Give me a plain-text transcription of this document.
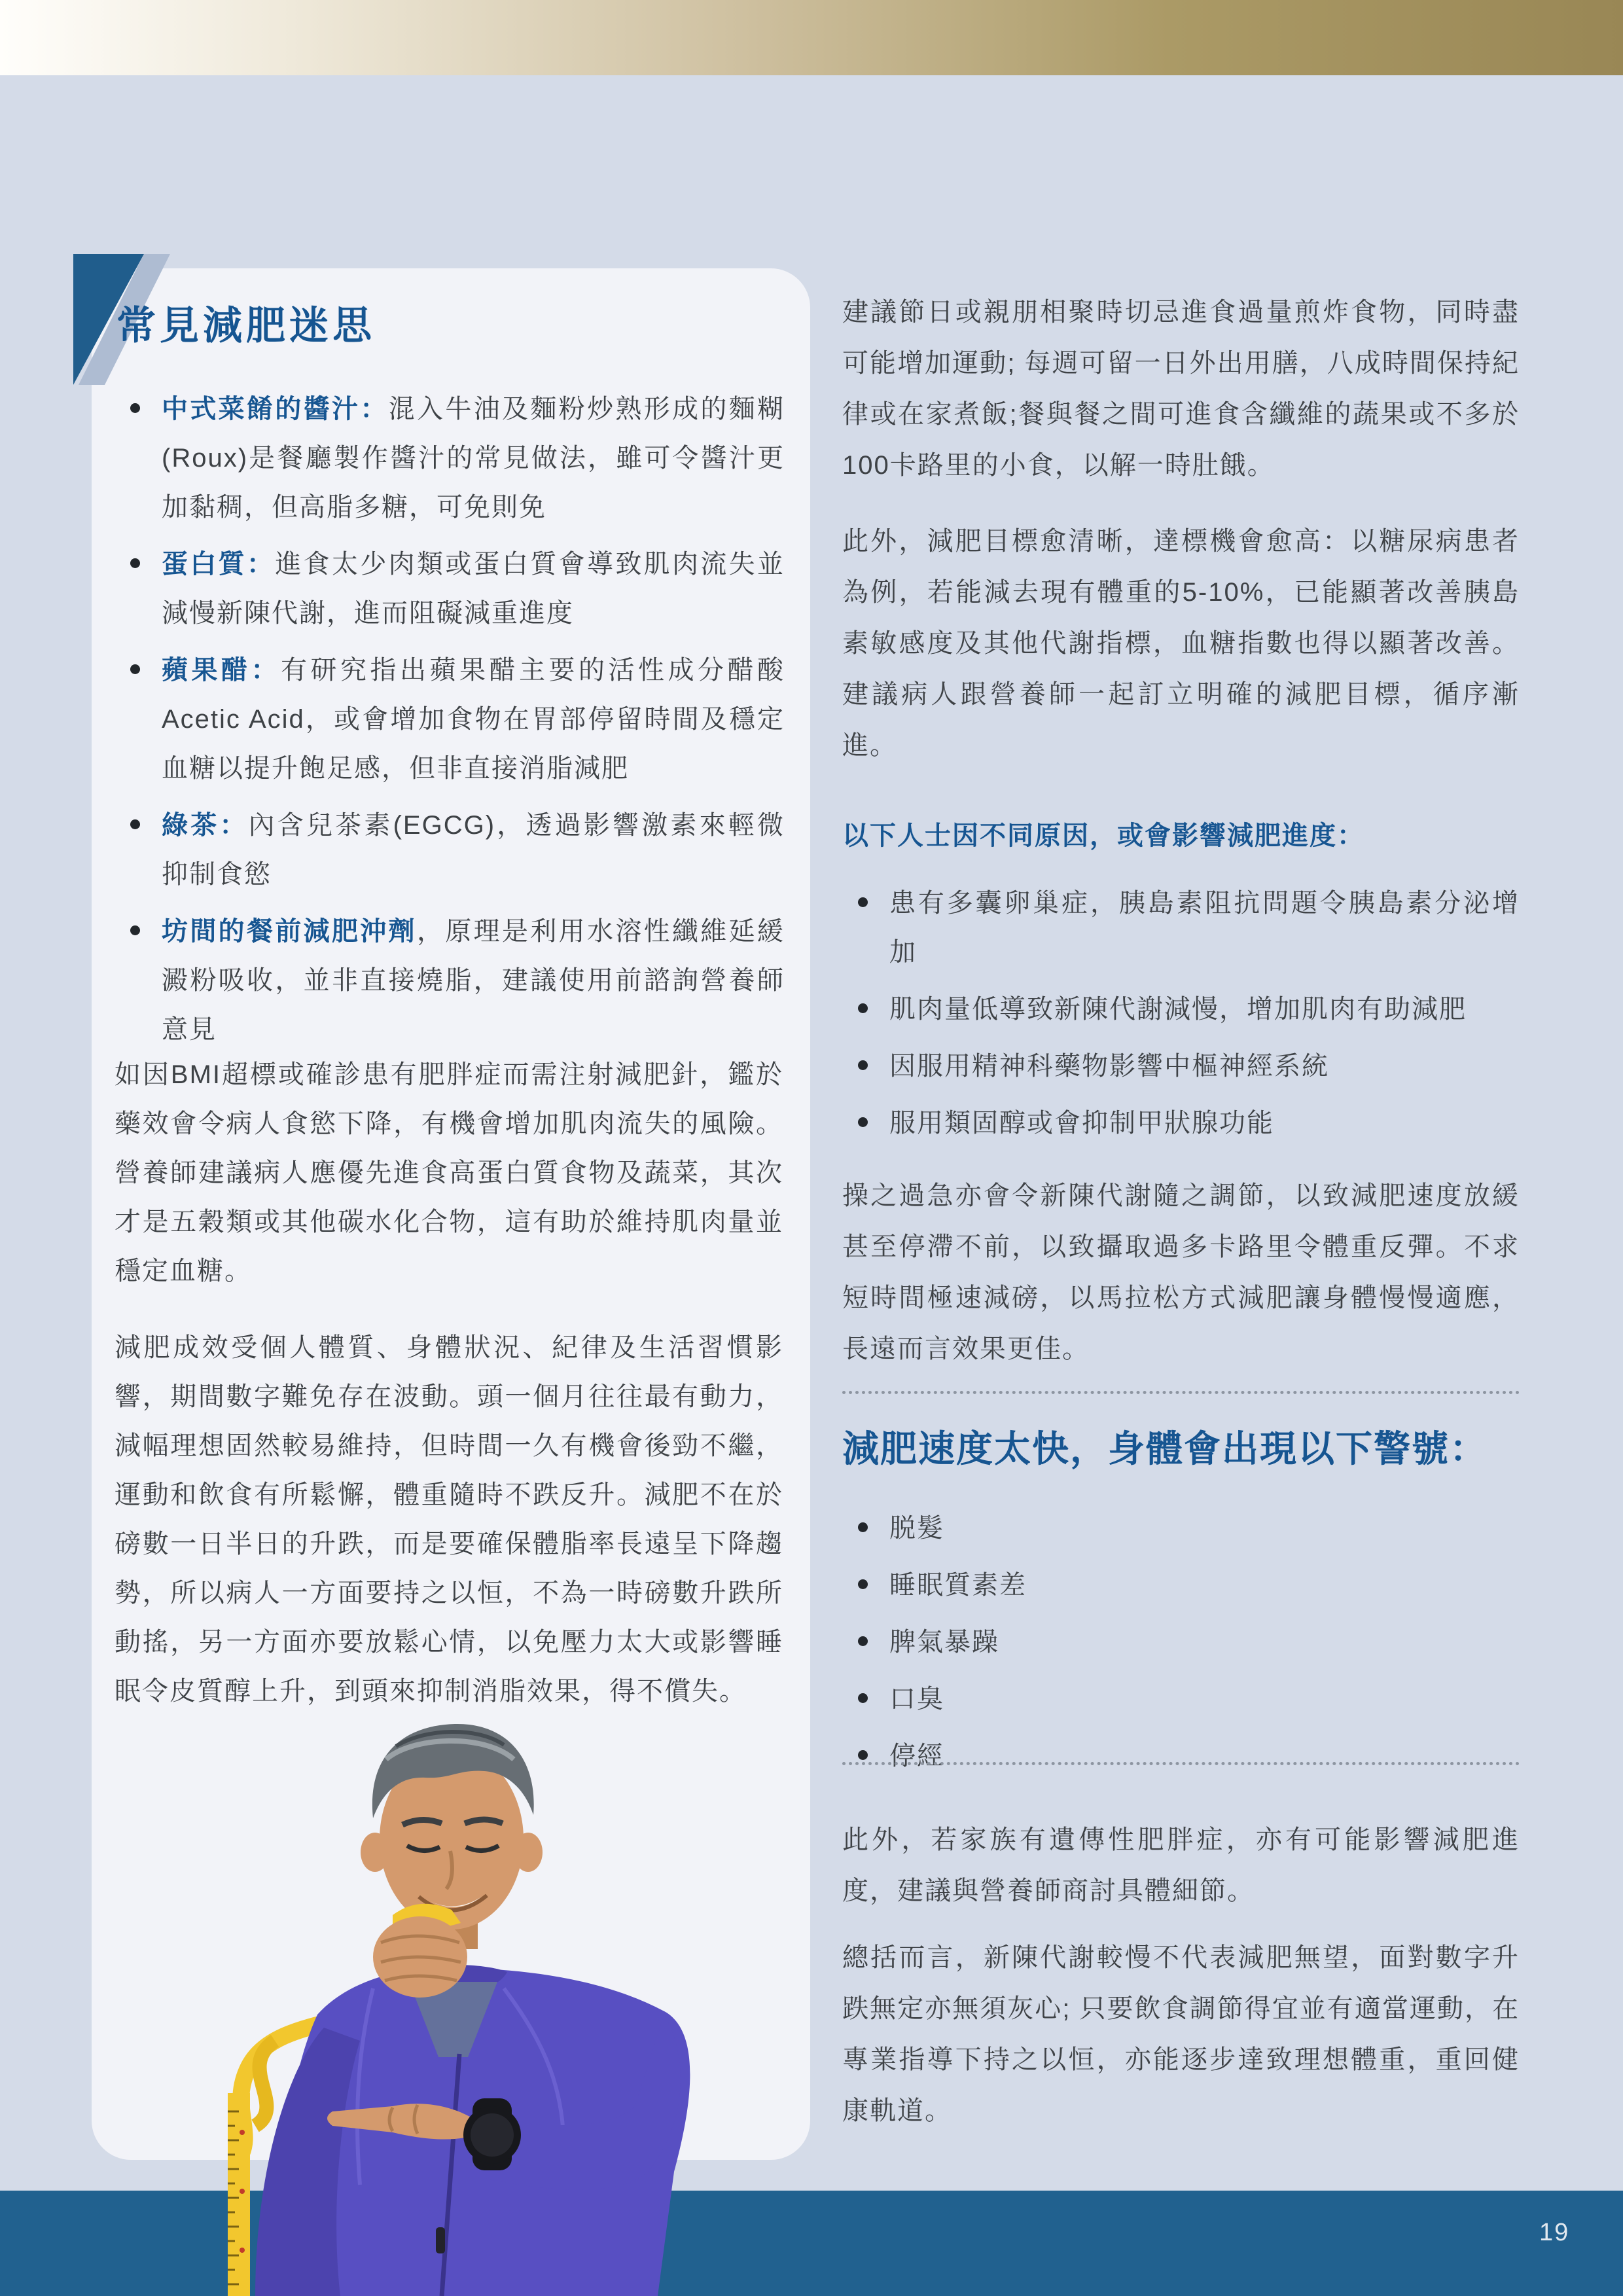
常見減肥迷思
中式菜餚的醬汁：混入牛油及麵粉炒熟形成的麵糊(Roux)是餐廳製作醬汁的常見做法，雖可令醬汁更加黏稠，但高脂多糖，可免則免
蛋白質：進食太少肉類或蛋白質會導致肌肉流失並減慢新陳代謝，進而阻礙減重進度
蘋果醋：有研究指出蘋果醋主要的活性成分醋酸 Acetic Acid，或會增加食物在胃部停留時間及穩定血糖以提升飽足感，但非直接消脂減肥
綠茶：內含兒茶素(EGCG)，透過影響激素來輕微抑制食慾
坊間的餐前減肥沖劑，原理是利用水溶性纖維延緩澱粉吸收，並非直接燒脂，建議使用前諮詢營養師意見
如因BMI超標或確診患有肥胖症而需注射減肥針，鑑於藥效會令病人食慾下降，有機會增加肌肉流失的風險。營養師建議病人應優先進食高蛋白質食物及蔬菜，其次才是五穀類或其他碳水化合物，這有助於維持肌肉量並穩定血糖。
減肥成效受個人體質、身體狀況、紀律及生活習慣影響，期間數字難免存在波動。頭一個月往往最有動力，減幅理想固然較易維持，但時間一久有機會後勁不繼，運動和飲食有所鬆懈，體重隨時不跌反升。減肥不在於磅數一日半日的升跌，而是要確保體脂率長遠呈下降趨勢，所以病人一方面要持之以恒，不為一時磅數升跌所動搖，另一方面亦要放鬆心情，以免壓力太大或影響睡眠令皮質醇上升，到頭來抑制消脂效果，得不償失。
建議節日或親朋相聚時切忌進食過量煎炸食物，同時盡可能增加運動; 每週可留一日外出用膳，八成時間保持紀律或在家煮飯;餐與餐之間可進食含纖維的蔬果或不多於100卡路里的小食，以解一時肚餓。
此外，減肥目標愈清晰，達標機會愈高：以糖尿病患者為例，若能減去現有體重的5-10%，已能顯著改善胰島素敏感度及其他代謝指標，血糖指數也得以顯著改善。建議病人跟營養師一起訂立明確的減肥目標，循序漸進。
以下人士因不同原因，或會影響減肥進度：
患有多囊卵巢症，胰島素阻抗問題令胰島素分泌增加
肌肉量低導致新陳代謝減慢，增加肌肉有助減肥
因服用精神科藥物影響中樞神經系統
服用類固醇或會抑制甲狀腺功能
操之過急亦會令新陳代謝隨之調節，以致減肥速度放緩甚至停滯不前，以致攝取過多卡路里令體重反彈。不求短時間極速減磅，以馬拉松方式減肥讓身體慢慢適應，長遠而言效果更佳。
減肥速度太快，身體會出現以下警號：
脱髮
睡眠質素差
脾氣暴躁
口臭
停經
此外，若家族有遺傳性肥胖症，亦有可能影響減肥進度，建議與營養師商討具體細節。
總括而言，新陳代謝較慢不代表減肥無望，面對數字升跌無定亦無須灰心; 只要飲食調節得宜並有適當運動，在專業指導下持之以恒，亦能逐步達致理想體重，重回健康軌道。
19
